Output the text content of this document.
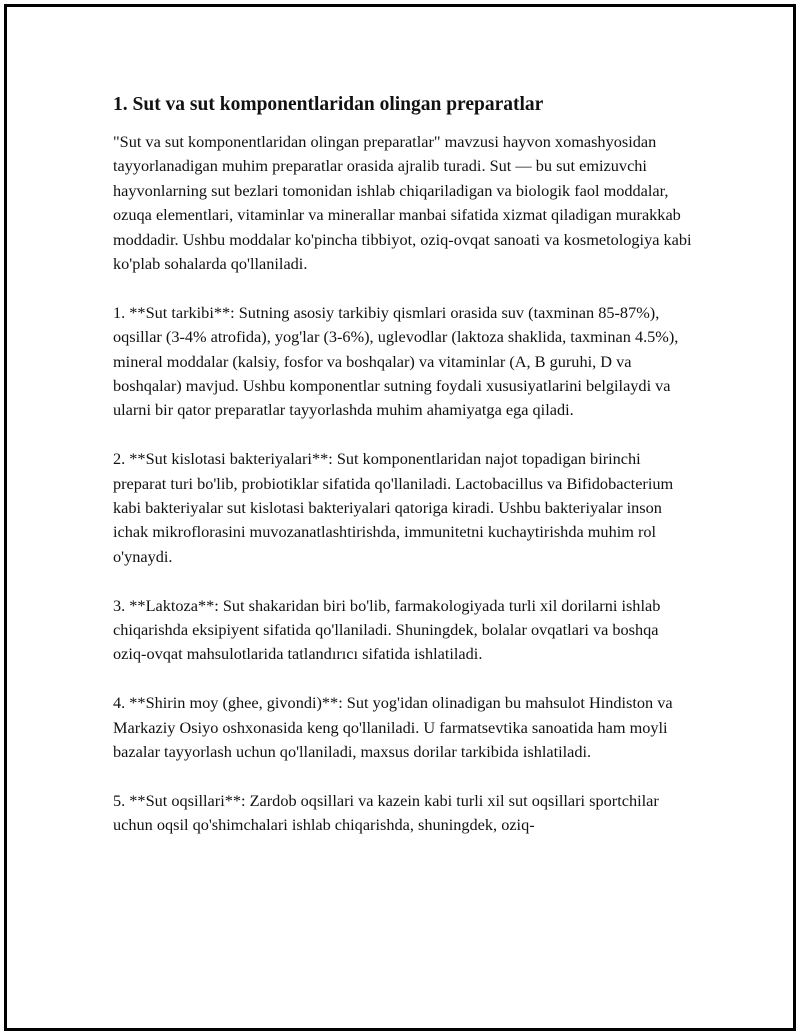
1. Sut va sut komponentlaridan olingan preparatlar

"Sut va sut komponentlaridan olingan preparatlar" mavzusi hayvon xomashyosidan tayyorlanadigan muhim preparatlar orasida ajralib turadi. Sut — bu sut emizuvchi hayvonlarning sut bezlari tomonidan ishlab chiqariladigan va biologik faol moddalar, ozuqa elementlari, vitaminlar va minerallar manbai sifatida xizmat qiladigan murakkab moddadir. Ushbu moddalar ko'pincha tibbiyot, oziq-ovqat sanoati va kosmetologiya kabi ko'plab sohalarda qo'llaniladi.

1. **Sut tarkibi**: Sutning asosiy tarkibiy qismlari orasida suv (taxminan 85-87%), oqsillar (3-4% atrofida), yog'lar (3-6%), uglevodlar (laktoza shaklida, taxminan 4.5%), mineral moddalar (kalsiy, fosfor va boshqalar) va vitaminlar (A, B guruhi, D va boshqalar) mavjud. Ushbu komponentlar sutning foydali xususiyatlarini belgilaydi va ularni bir qator preparatlar tayyorlashda muhim ahamiyatga ega qiladi.

2. **Sut kislotasi bakteriyalari**: Sut komponentlaridan najot topadigan birinchi preparat turi bo'lib, probiotiklar sifatida qo'llaniladi. Lactobacillus va Bifidobacterium kabi bakteriyalar sut kislotasi bakteriyalari qatoriga kiradi. Ushbu bakteriyalar inson ichak mikroflorasini muvozanatlashtirishda, immunitetni kuchaytirishda muhim rol o'ynaydi.

3. **Laktoza**: Sut shakaridan biri bo'lib, farmakologiyada turli xil dorilarni ishlab chiqarishda eksipiyent sifatida qo'llaniladi. Shuningdek, bolalar ovqatlari va boshqa oziq-ovqat mahsulotlarida tatlandırıcı sifatida ishlatiladi.

4. **Shirin moy (ghee, givondi)**: Sut yog'idan olinadigan bu mahsulot Hindiston va Markaziy Osiyo oshxonasida keng qo'llaniladi. U farmatsevtika sanoatida ham moyli bazalar tayyorlash uchun qo'llaniladi, maxsus dorilar tarkibida ishlatiladi.

5. **Sut oqsillari**: Zardob oqsillari va kazein kabi turli xil sut oqsillari sportchilar uchun oqsil qo'shimchalari ishlab chiqarishda, shuningdek, oziq-
